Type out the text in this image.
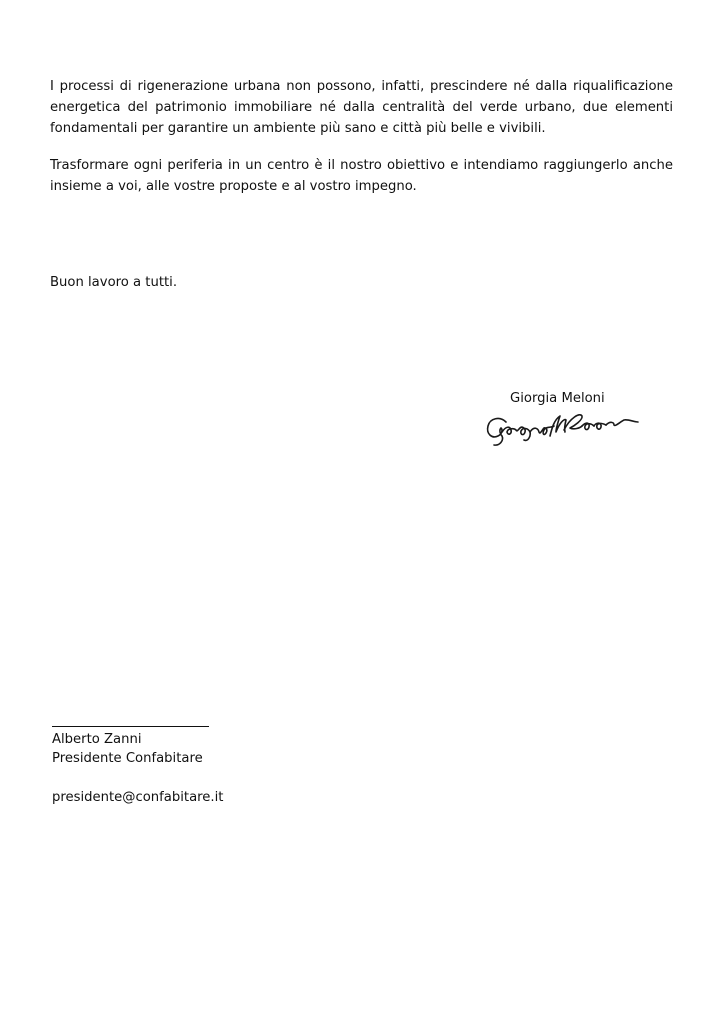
I processi di rigenerazione urbana non possono, infatti, prescindere né dalla riqualificazione energetica del patrimonio immobiliare né dalla centralità del verde urbano, due elementi fondamentali per garantire un ambiente più sano e città più belle e vivibili.

Trasformare ogni periferia in un centro è il nostro obiettivo e intendiamo raggiungerlo anche insieme a voi, alle vostre proposte e al vostro impegno.

Buon lavoro a tutti.

Giorgia Meloni

Alberto Zanni

Presidente Confabitare

presidente@confabitare.it
